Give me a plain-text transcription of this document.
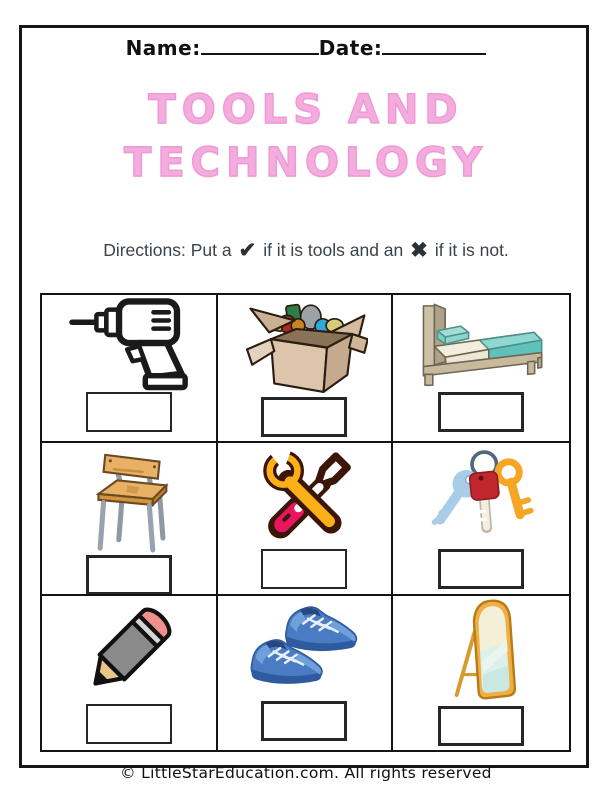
Name:	Date:
TOOLS AND
TECHNOLOGY
Directions: Put a ✔ if it is tools and an ✖ if it is not.
© LittleStarEducation.com. All rights reserved
